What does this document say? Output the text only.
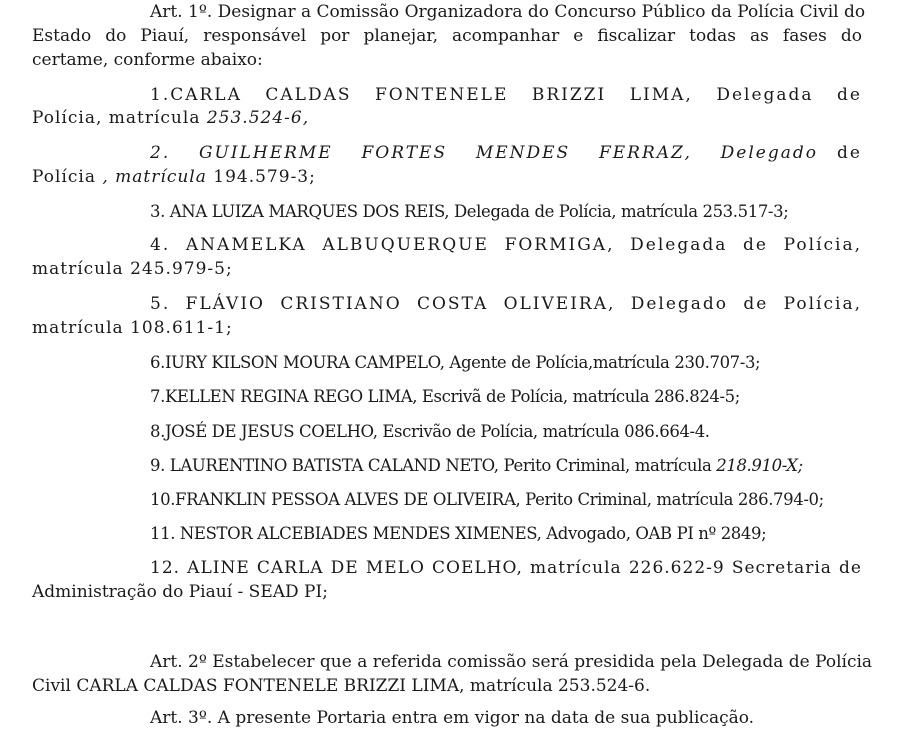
Art. 1º. Designar a Comissão Organizadora do Concurso Público da Polícia Civil do
Estado do Piauí, responsável por planejar, acompanhar e fiscalizar todas as fases do
certame, conforme abaixo:
1.CARLA CALDAS FONTENELE BRIZZI LIMA, Delegada de
Polícia, matrícula 253.524-6,
2. GUILHERME FORTES MENDES FERRAZ, Delegado de
Polícia , matrícula 194.579-3;
3. ANA LUIZA MARQUES DOS REIS, Delegada de Polícia, matrícula 253.517-3;
4. ANAMELKA ALBUQUERQUE FORMIGA, Delegada de Polícia,
matrícula 245.979-5;
5. FLÁVIO CRISTIANO COSTA OLIVEIRA, Delegado de Polícia,
matrícula 108.611-1;
6.IURY KILSON MOURA CAMPELO, Agente de Polícia,matrícula 230.707-3;
7.KELLEN REGINA REGO LIMA, Escrivã de Polícia, matrícula 286.824-5;
8.JOSÉ DE JESUS COELHO, Escrivão de Polícia, matrícula 086.664-4.
9. LAURENTINO BATISTA CALAND NETO, Perito Criminal, matrícula 218.910-X;
10.FRANKLIN PESSOA ALVES DE OLIVEIRA, Perito Criminal, matrícula 286.794-0;
11. NESTOR ALCEBIADES MENDES XIMENES, Advogado, OAB PI nº 2849;
12. ALINE CARLA DE MELO COELHO, matrícula 226.622-9 Secretaria de
Administração do Piauí - SEAD PI;
Art. 2º Estabelecer que a referida comissão será presidida pela Delegada de Polícia
Civil CARLA CALDAS FONTENELE BRIZZI LIMA, matrícula 253.524-6.
Art. 3º. A presente Portaria entra em vigor na data de sua publicação.
